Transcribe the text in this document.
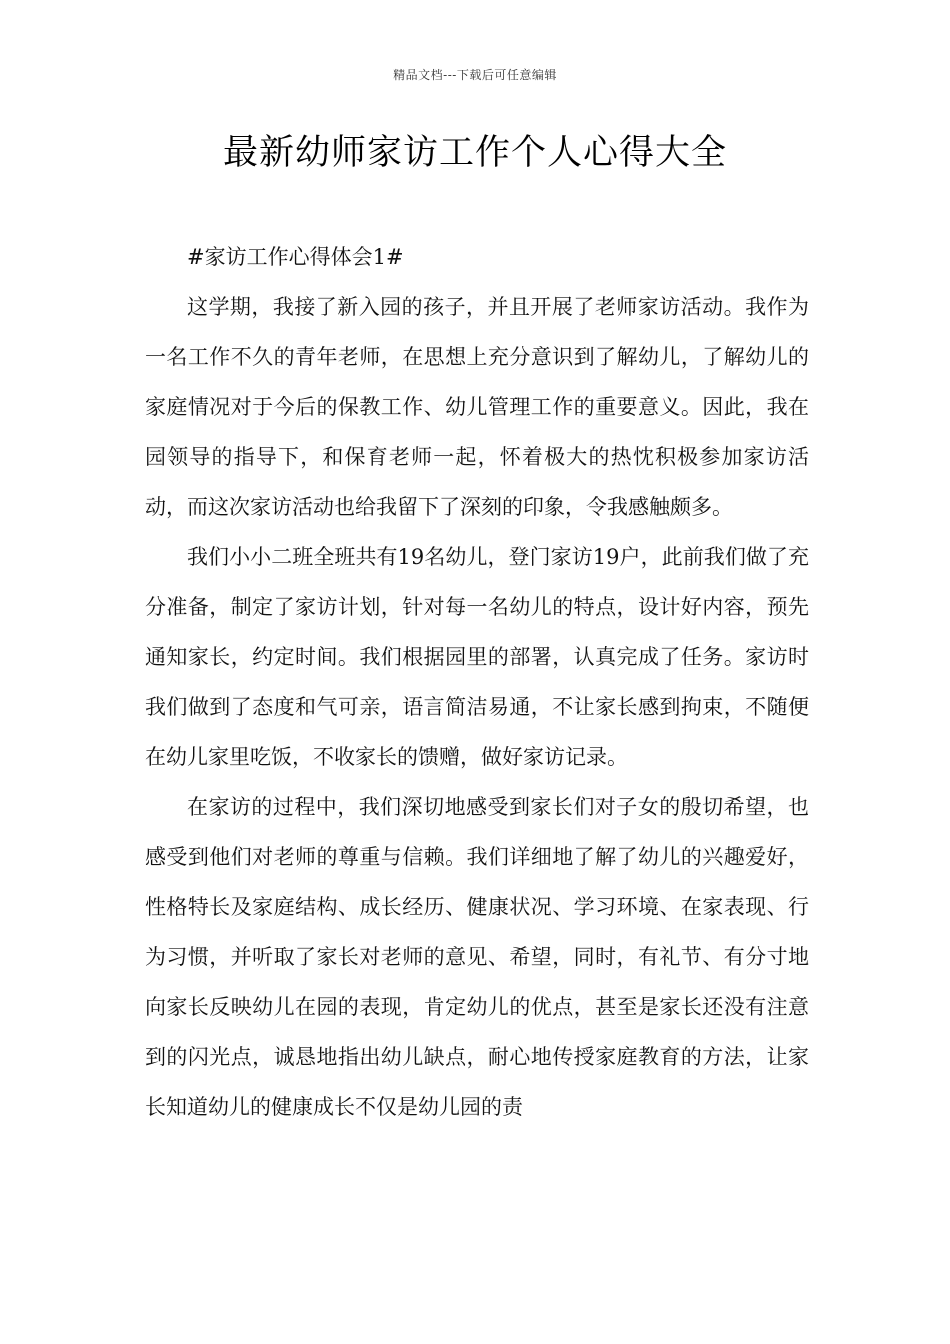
精品文档---下载后可任意编辑
最新幼师家访工作个人心得大全

#家访工作心得体会1#

这学期，我接了新入园的孩子，并且开展了老师家访活动。我作为一名工作不久的青年老师，在思想上充分意识到了解幼儿，了解幼儿的家庭情况对于今后的保教工作、幼儿管理工作的重要意义。因此，我在园领导的指导下，和保育老师一起，怀着极大的热忱积极参加家访活动，而这次家访活动也给我留下了深刻的印象，令我感触颇多。

我们小小二班全班共有19名幼儿，登门家访19户，此前我们做了充分准备，制定了家访计划，针对每一名幼儿的特点，设计好内容，预先通知家长，约定时间。我们根据园里的部署，认真完成了任务。家访时我们做到了态度和气可亲，语言简洁易通，不让家长感到拘束，不随便在幼儿家里吃饭，不收家长的馈赠，做好家访记录。

在家访的过程中，我们深切地感受到家长们对子女的殷切希望，也感受到他们对老师的尊重与信赖。我们详细地了解了幼儿的兴趣爱好，性格特长及家庭结构、成长经历、健康状况、学习环境、在家表现、行为习惯，并听取了家长对老师的意见、希望，同时，有礼节、有分寸地向家长反映幼儿在园的表现，肯定幼儿的优点，甚至是家长还没有注意到的闪光点，诚恳地指出幼儿缺点，耐心地传授家庭教育的方法，让家长知道幼儿的健康成长不仅是幼儿园的责
